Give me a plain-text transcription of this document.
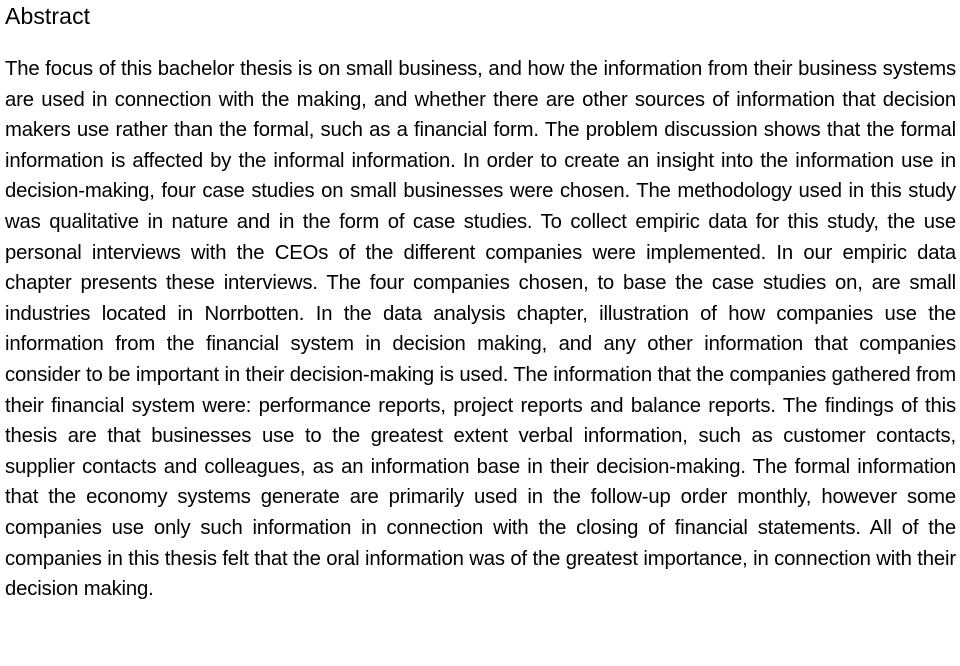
Abstract

The focus of this bachelor thesis is on small business, and how the information from their business systems are used in connection with the making, and whether there are other sources of information that decision makers use rather than the formal, such as a financial form. The problem discussion shows that the formal information is affected by the informal information. In order to create an insight into the information use in decision-making, four case studies on small businesses were chosen. The methodology used in this study was qualitative in nature and in the form of case studies. To collect empiric data for this study, the use personal interviews with the CEOs of the different companies were implemented. In our empiric data chapter presents these interviews. The four companies chosen, to base the case studies on, are small industries located in Norrbotten. In the data analysis chapter, illustration of how companies use the information from the financial system in decision making, and any other information that companies consider to be important in their decision-making is used. The information that the companies gathered from their financial system were: performance reports, project reports and balance reports. The findings of this thesis are that businesses use to the greatest extent verbal information, such as customer contacts, supplier contacts and colleagues, as an information base in their decision-making. The formal information that the economy systems generate are primarily used in the follow-up order monthly, however some companies use only such information in connection with the closing of financial statements. All of the companies in this thesis felt that the oral information was of the greatest importance, in connection with their decision making.
